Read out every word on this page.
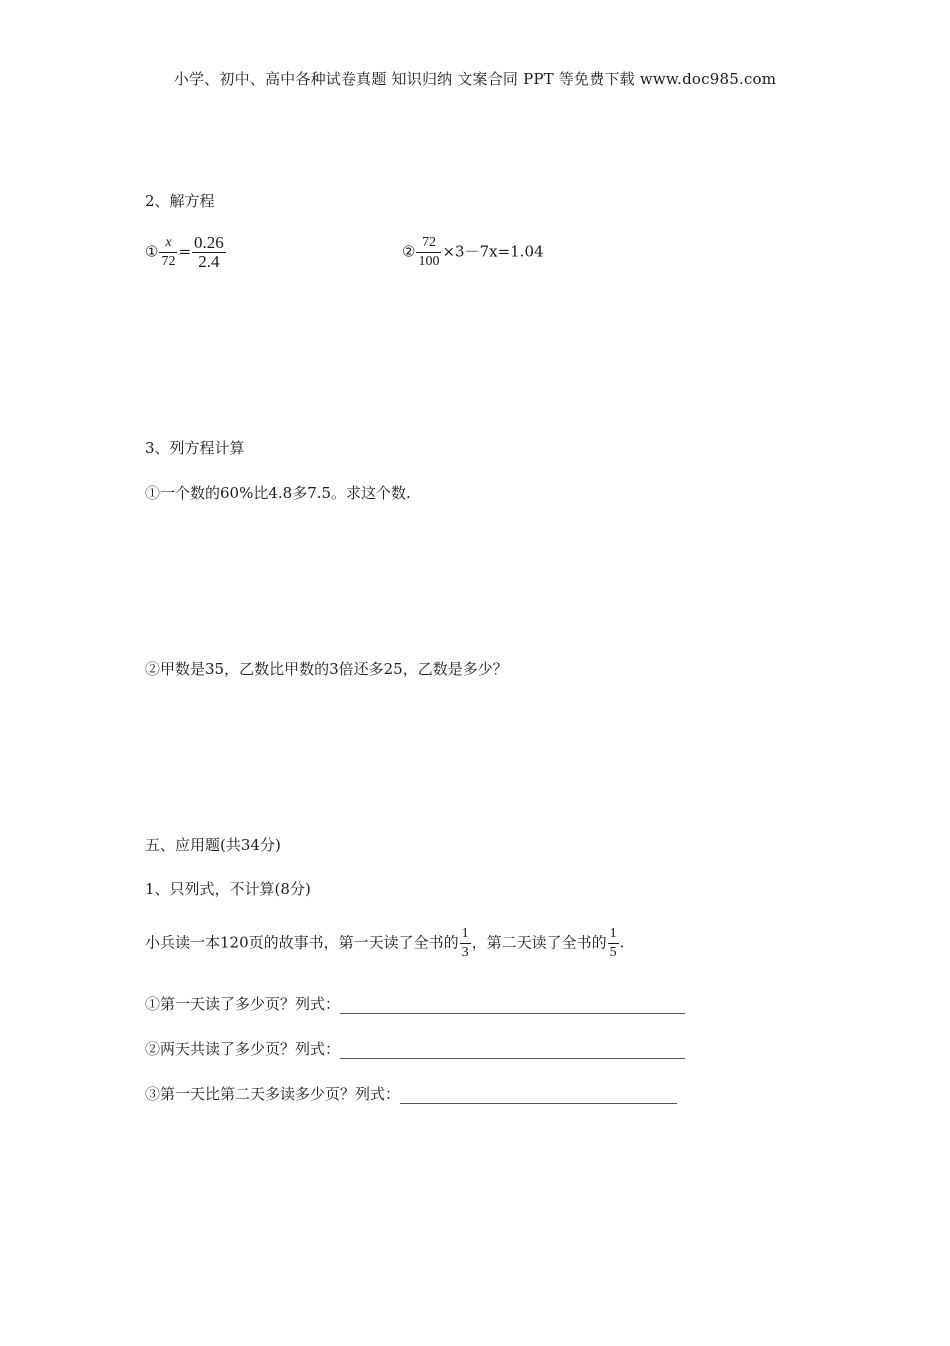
小学、初中、高中各种试卷真题 知识归纳 文案合同 PPT 等免费下载 www.doc985.com
2、解方程
① $\frac{x}{72} = \frac{0.26}{2.4}$	② $\frac{72}{100} \times 3-7x=1.04$
3、列方程计算
①一个数的60%比4.8多7.5。求这个数.
②甲数是35，乙数比甲数的3倍还多25，乙数是多少？
五、应用题(共34分)
1、只列式，不计算(8分)
小兵读一本120页的故事书，第一天读了全书的 $\frac{1}{3}$ ，第二天读了全书的 $\frac{1}{5}$ .
①第一天读了多少页？列式：
②两天共读了多少页？列式：
③第一天比第二天多读多少页？列式：
